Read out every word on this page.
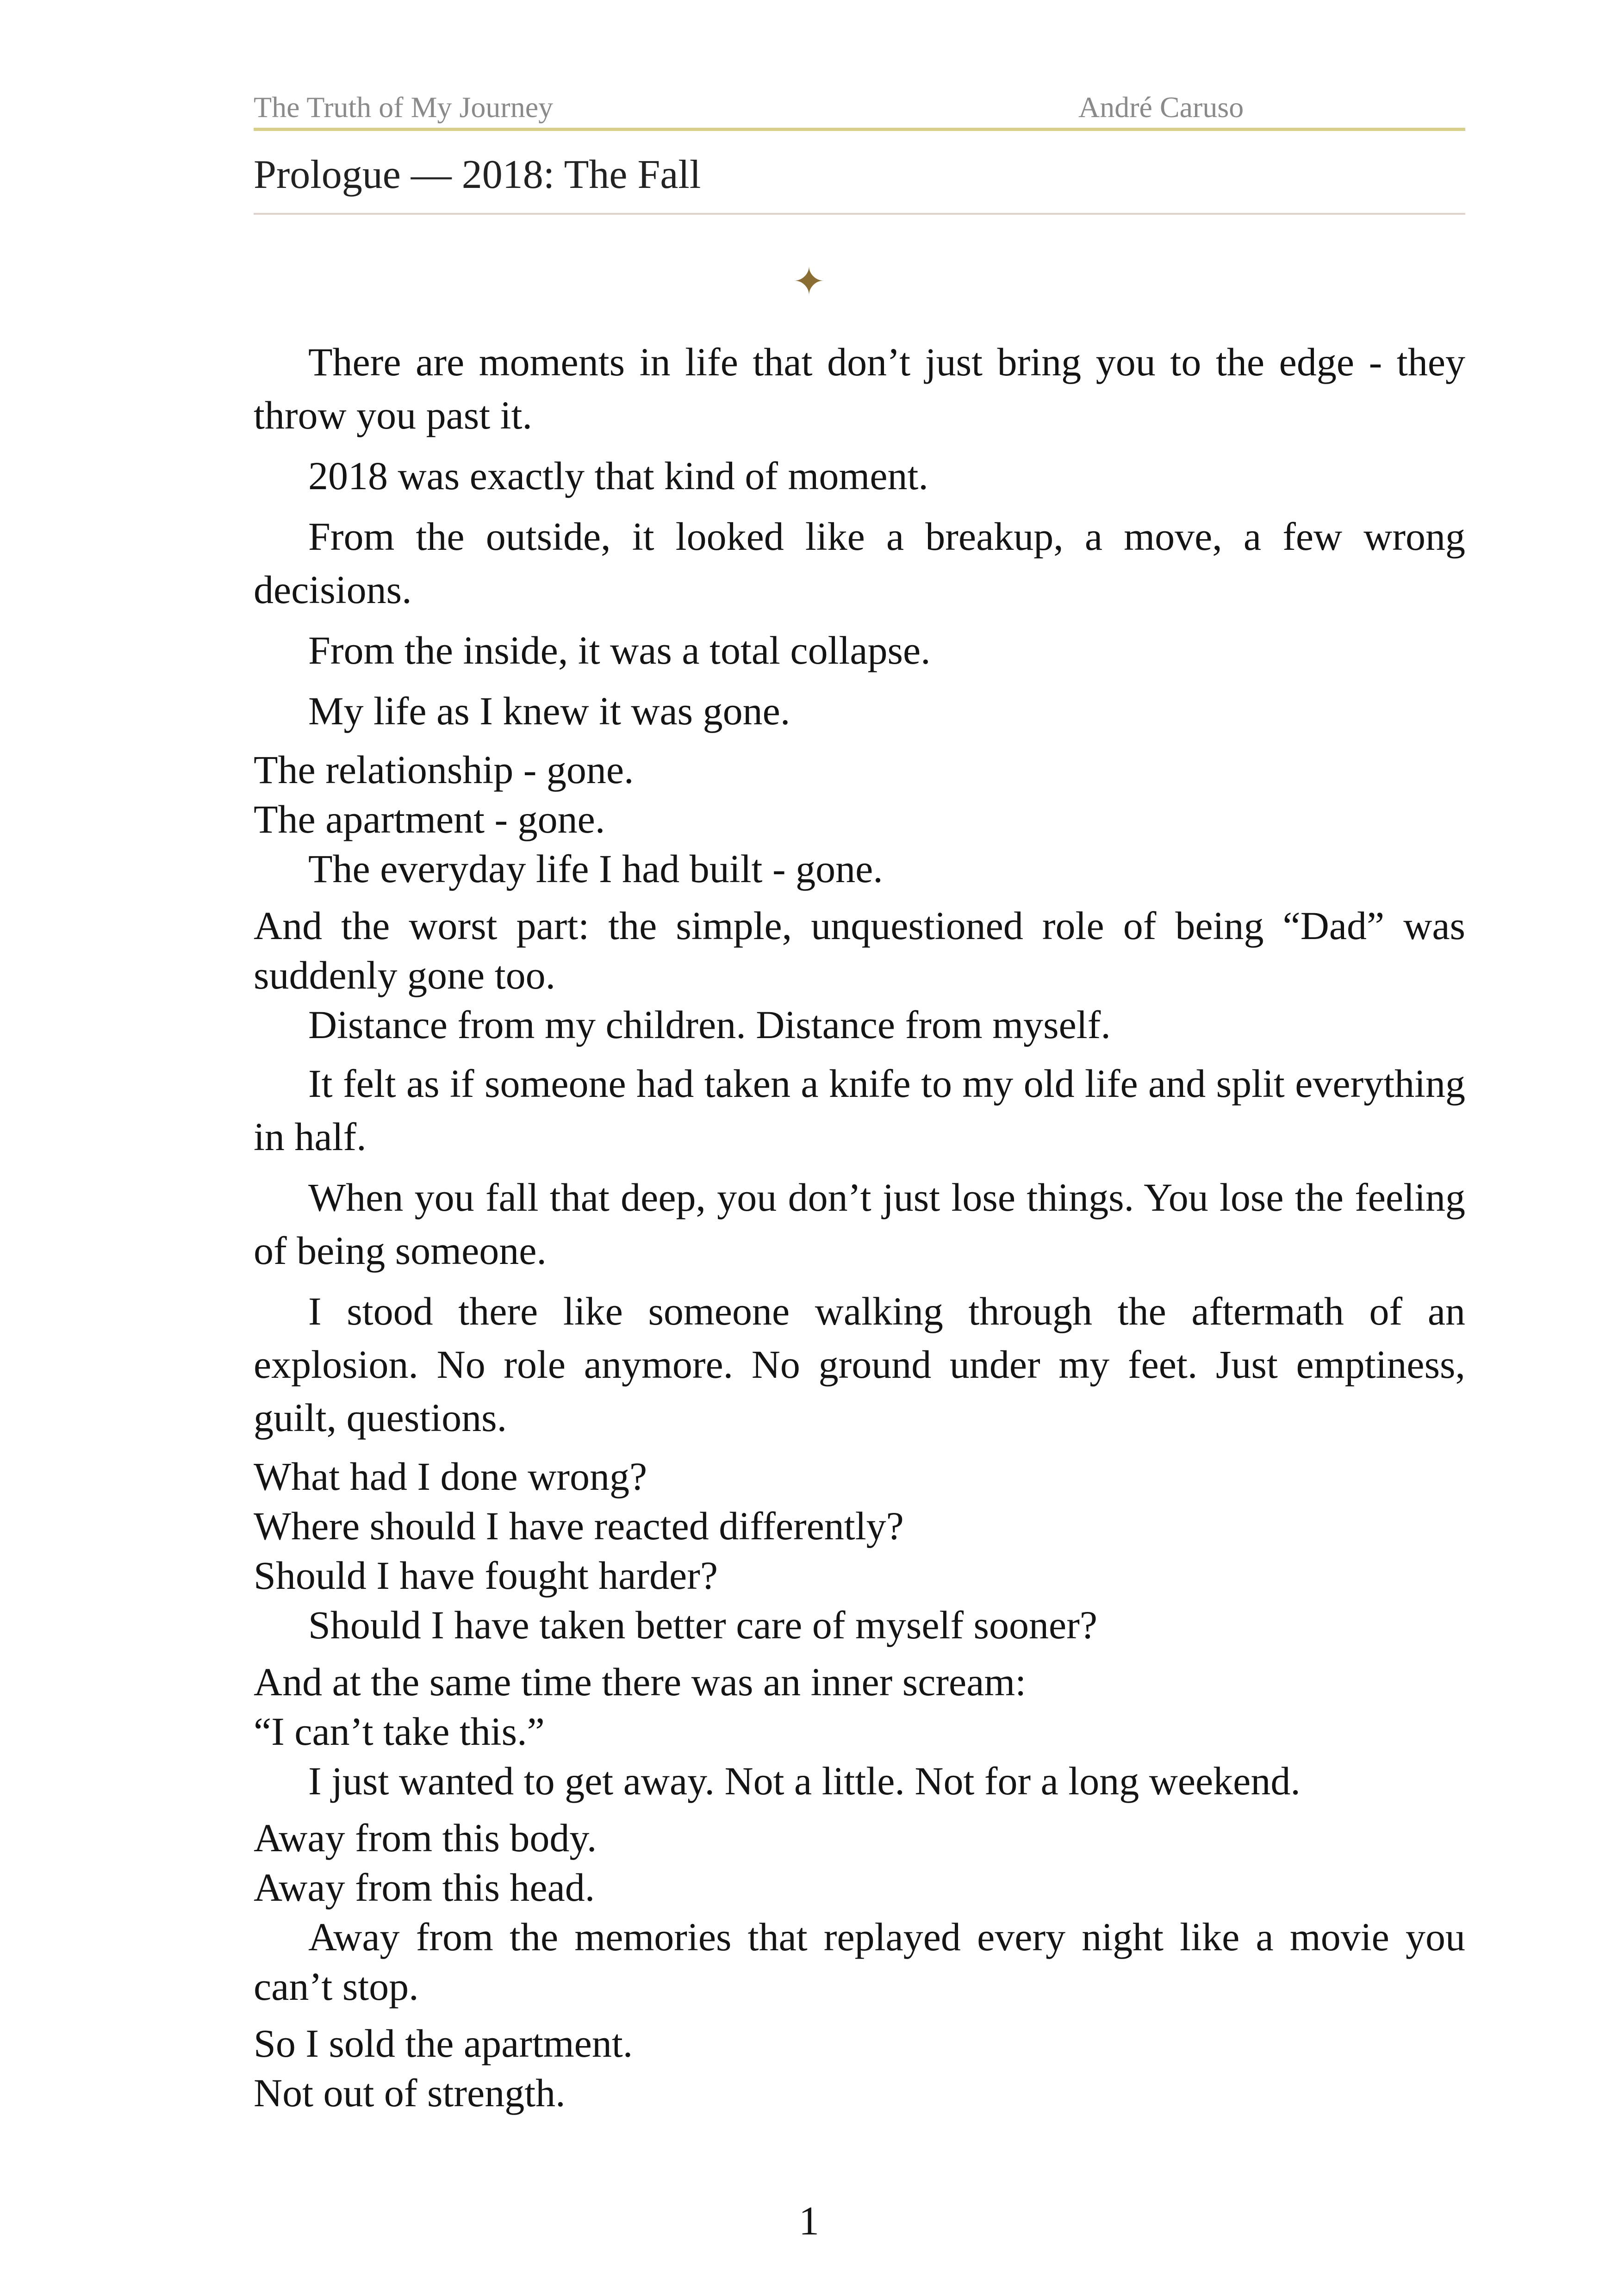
The Truth of My Journey	André Caruso
Prologue — 2018: The Fall
✦

There are moments in life that don’t just bring you to the edge - they throw you past it.

2018 was exactly that kind of moment.

From the outside, it looked like a breakup, a move, a few wrong decisions.

From the inside, it was a total collapse.

My life as I knew it was gone.

The relationship - gone.

The apartment - gone.

The everyday life I had built - gone.

And the worst part: the simple, unquestioned role of being “Dad” was suddenly gone too.

Distance from my children. Distance from myself.

It felt as if someone had taken a knife to my old life and split everything in half.

When you fall that deep, you don’t just lose things. You lose the feeling of being someone.

I stood there like someone walking through the aftermath of an explosion. No role anymore. No ground under my feet. Just emptiness, guilt, questions.

What had I done wrong?

Where should I have reacted differently?

Should I have fought harder?

Should I have taken better care of myself sooner?

And at the same time there was an inner scream:

“I can’t take this.”

I just wanted to get away. Not a little. Not for a long weekend.

Away from this body.

Away from this head.

Away from the memories that replayed every night like a movie you can’t stop.

So I sold the apartment.

Not out of strength.

1
